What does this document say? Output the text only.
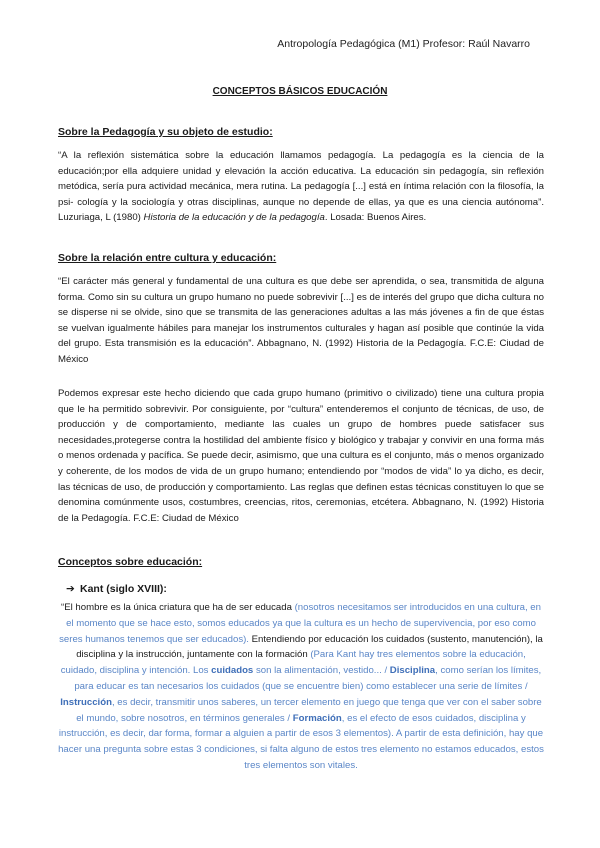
Antropología Pedagógica (M1) Profesor: Raúl Navarro
CONCEPTOS BÁSICOS EDUCACIÓN
Sobre la Pedagogía y su objeto de estudio:
“A la reflexión sistemática sobre la educación llamamos pedagogía. La pedagogía es la ciencia de la educación;por ella adquiere unidad y elevación la acción educativa. La educación sin pedagogía, sin reflexión metódica, sería pura actividad mecánica, mera rutina. La pedagogía [...] está en íntima relación con la filosofía, la psi- cología y la sociología y otras disciplinas, aunque no depende de ellas, ya que es una ciencia autónoma”. Luzuriaga, L (1980) Historia de la educación y de la pedagogía. Losada: Buenos Aires.
Sobre la relación entre cultura y educación:
“El carácter más general y fundamental de una cultura es que debe ser aprendida, o sea, transmitida de alguna forma. Como sin su cultura un grupo humano no puede sobrevivir [...] es de interés del grupo que dicha cultura no se disperse ni se olvide, sino que se transmita de las generaciones adultas a las más jóvenes a fin de que éstas se vuelvan igualmente hábiles para manejar los instrumentos culturales y hagan así posible que continúe la vida del grupo. Esta transmisión es la educación”. Abbagnano, N. (1992) Historia de la Pedagogía. F.C.E: Ciudad de México
Podemos expresar este hecho diciendo que cada grupo humano (primitivo o civilizado) tiene una cultura propia que le ha permitido sobrevivir. Por consiguiente, por “cultura” entenderemos el conjunto de técnicas, de uso, de producción y de comportamiento, mediante las cuales un grupo de hombres puede satisfacer sus necesidades,protegerse contra la hostilidad del ambiente físico y biológico y trabajar y convivir en una forma más o menos ordenada y pacífica. Se puede decir, asimismo, que una cultura es el conjunto, más o menos organizado y coherente, de los modos de vida de un grupo humano; entendiendo por “modos de vida” lo ya dicho, es decir, las técnicas de uso, de producción y comportamiento. Las reglas que definen estas técnicas constituyen lo que se denomina comúnmente usos, costumbres, creencias, ritos, ceremonias, etcétera. Abbagnano, N. (1992) Historia de la Pedagogía. F.C.E: Ciudad de México
Conceptos sobre educación:
➔ Kant (siglo XVIII):
“El hombre es la única criatura que ha de ser educada (nosotros necesitamos ser introducidos en una cultura, en el momento que se hace esto, somos educados ya que la cultura es un hecho de supervivencia, por eso como seres humanos tenemos que ser educados). Entendiendo por educación los cuidados (sustento, manutención), la disciplina y la instrucción, juntamente con la formación (Para Kant hay tres elementos sobre la educación, cuidado, disciplina y intención. Los cuidados son la alimentación, vestido... / Disciplina, como serían los límites, para educar es tan necesarios los cuidados (que se encuentre bien) como establecer una serie de límites / Instrucción, es decir, transmitir unos saberes, un tercer elemento en juego que tenga que ver con el saber sobre el mundo, sobre nosotros, en términos generales / Formación, es el efecto de esos cuidados, disciplina y instrucción, es decir, dar forma, formar a alguien a partir de esos 3 elementos). A partir de esta definición, hay que hacer una pregunta sobre estas 3 condiciones, si falta alguno de estos tres elemento no estamos educados, estos tres elementos son vitales.
